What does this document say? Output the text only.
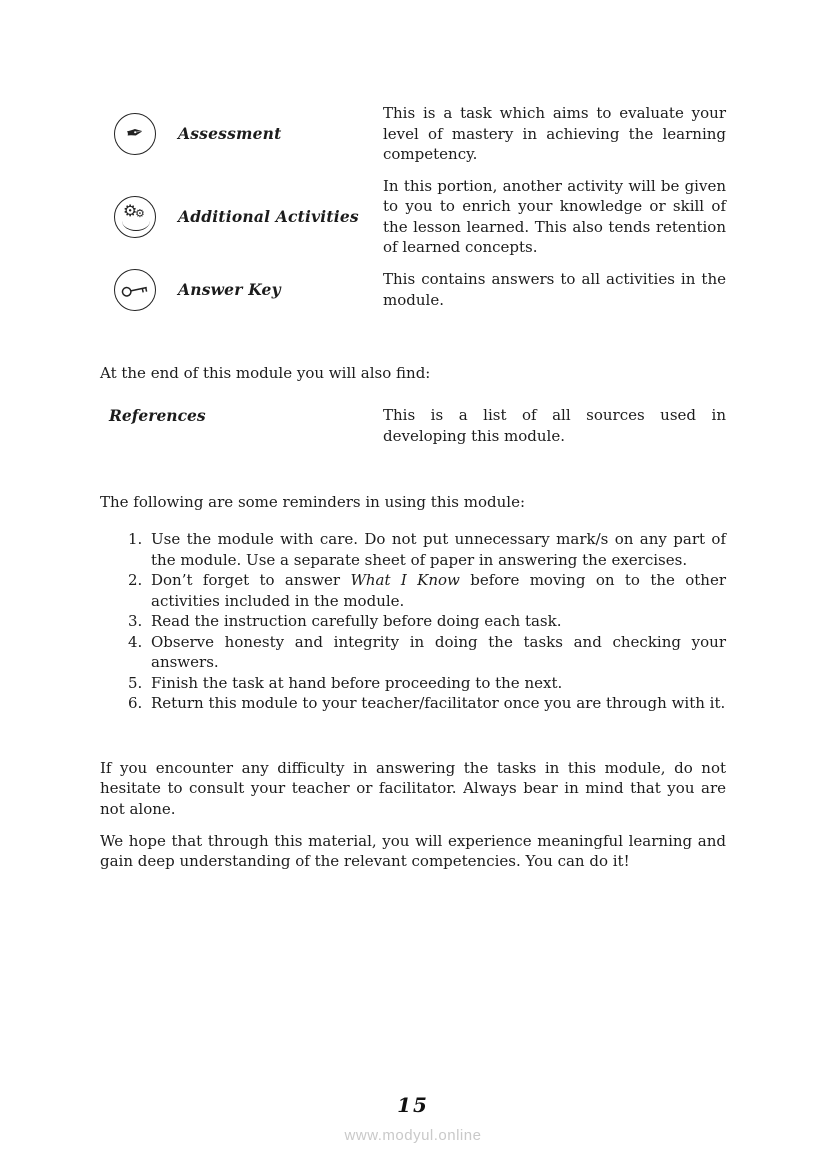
✒ Assessment
This is a task which aims to evaluate your level of mastery in achieving the learning competency.
⚙
⚙ Additional Activities
In this portion, another activity will be given to you to enrich your knowledge or skill of the lesson learned. This also tends retention of learned concepts.
Answer Key
This contains answers to all activities in the module.

At the end of this module you will also find:

References	This is a list of all sources used in developing this module.

The following are some reminders in using this module:

1. Use the module with care. Do not put unnecessary mark/s on any part of the module. Use a separate sheet of paper in answering the exercises.
2. Don’t forget to answer What I Know before moving on to the other activities included in the module.
3. Read the instruction carefully before doing each task.
4. Observe honesty and integrity in doing the tasks and checking your answers.
5. Finish the task at hand before proceeding to the next.
6. Return this module to your teacher/facilitator once you are through with it.

If you encounter any difficulty in answering the tasks in this module, do not hesitate to consult your teacher or facilitator. Always bear in mind that you are not alone.

We hope that through this material, you will experience meaningful learning and gain deep understanding of the relevant competencies. You can do it!

15
www.modyul.online
